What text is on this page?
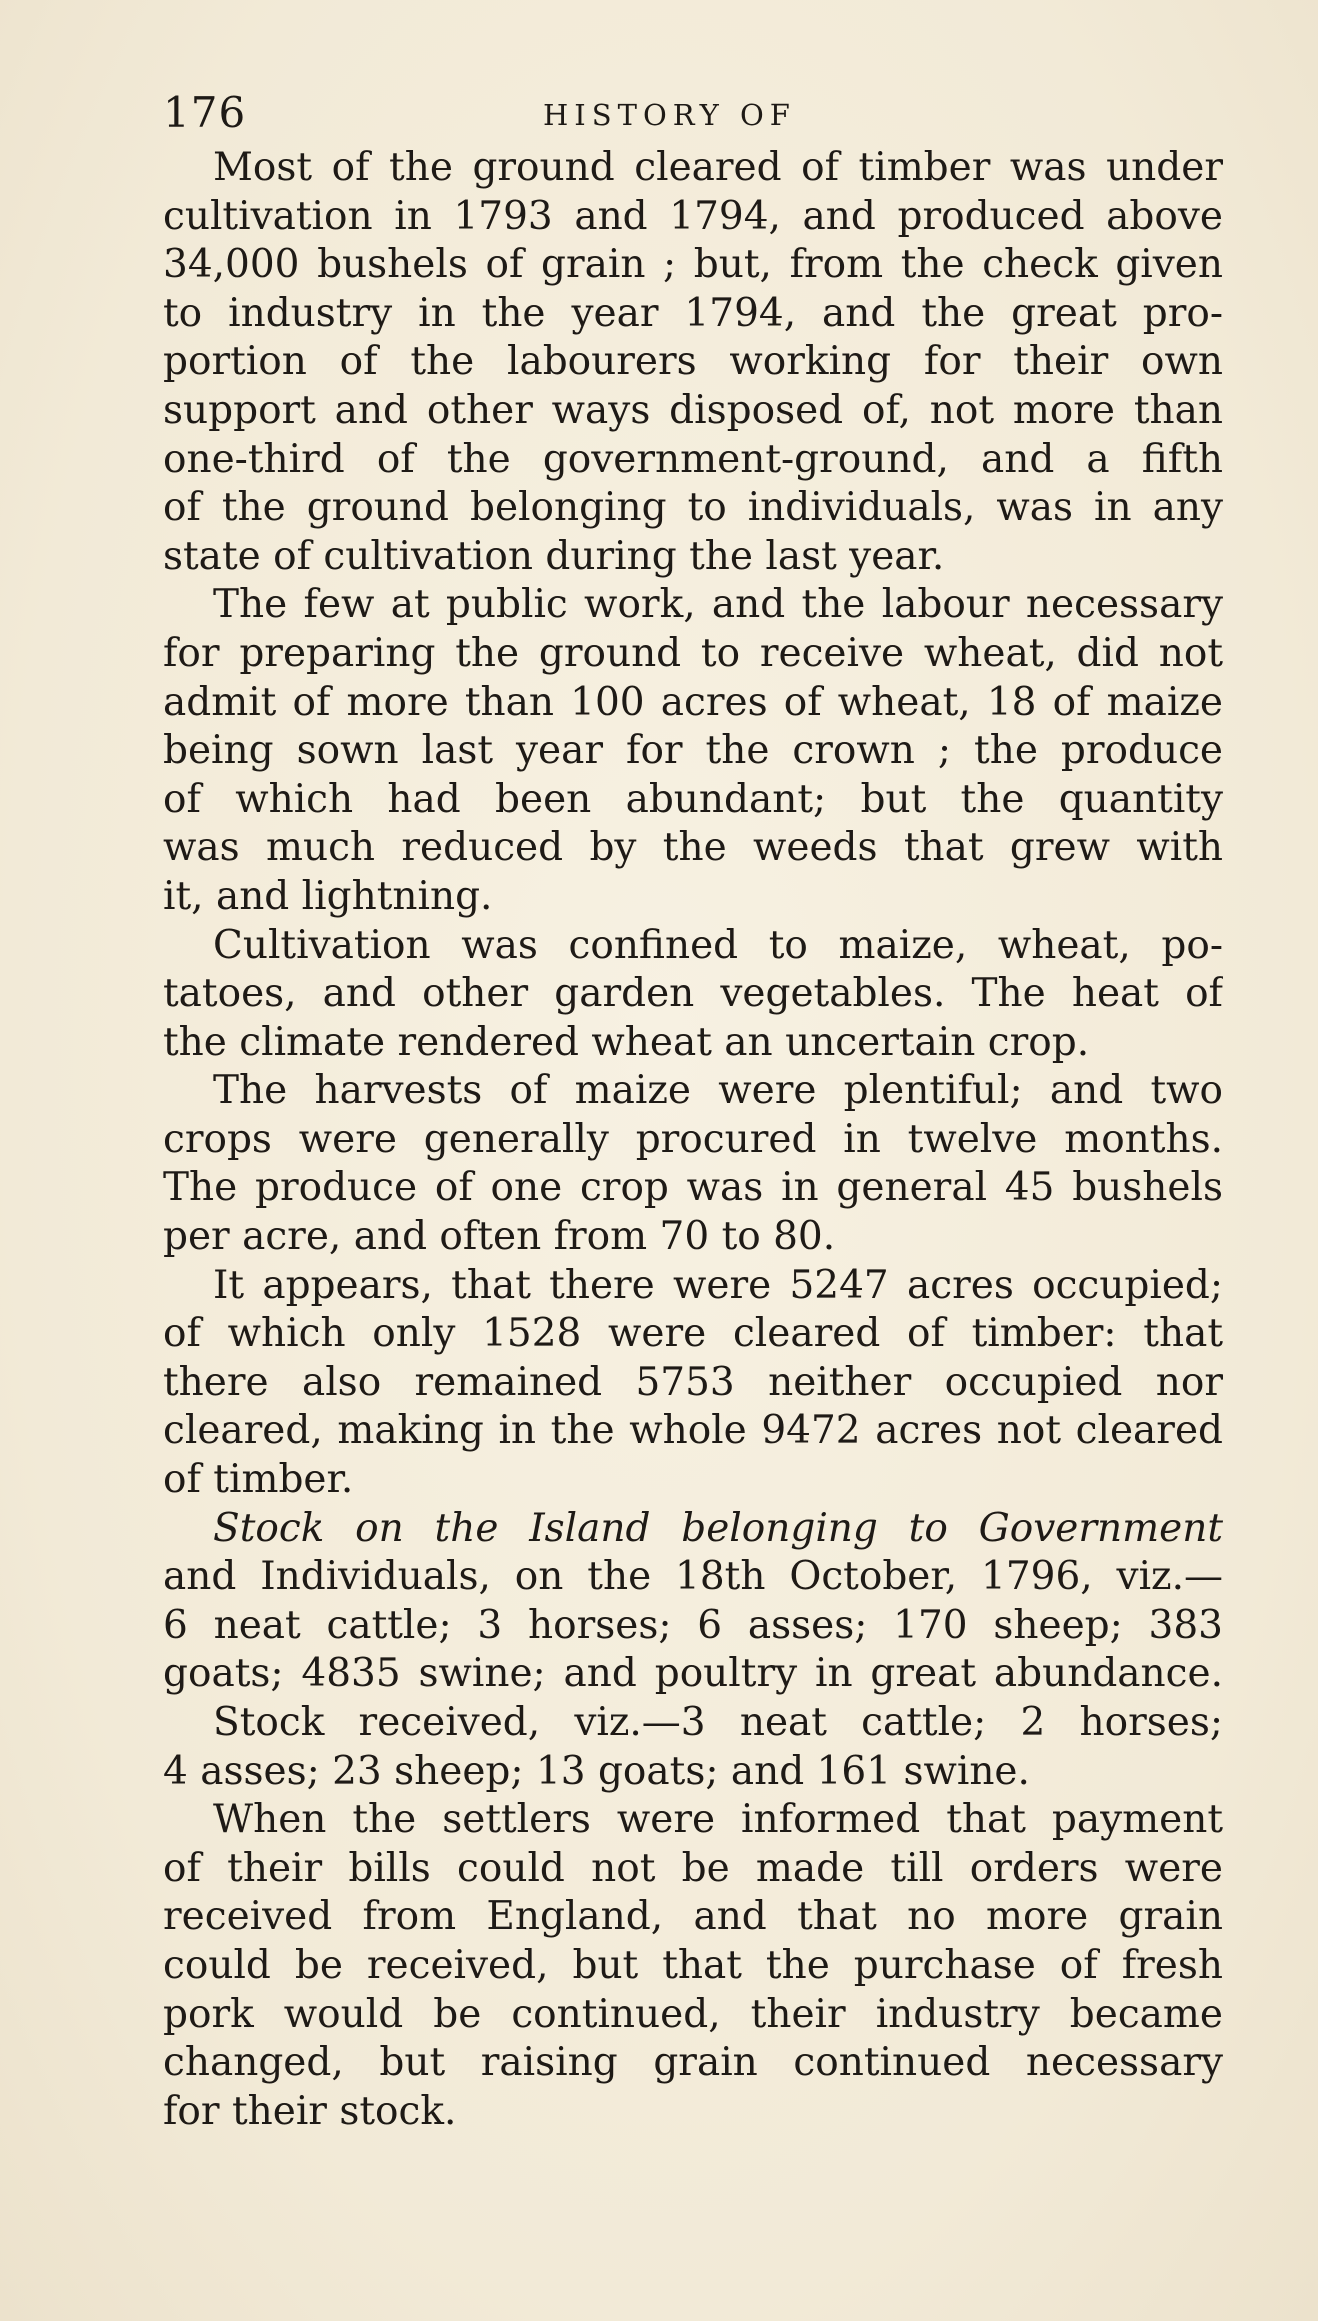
176	HISTORY OF
Most of the ground cleared of timber was under
cultivation in 1793 and 1794, and produced above
34,000 bushels of grain ; but, from the check given
to industry in the year 1794, and the great pro-
portion of the labourers working for their own
support and other ways disposed of, not more than
one-third of the government-ground, and a fifth
of the ground belonging to individuals, was in any
state of cultivation during the last year.
The few at public work, and the labour necessary
for preparing the ground to receive wheat, did not
admit of more than 100 acres of wheat, 18 of maize
being sown last year for the crown ; the produce
of which had been abundant; but the quantity
was much reduced by the weeds that grew with
it, and lightning.
Cultivation was confined to maize, wheat, po-
tatoes, and other garden vegetables. The heat of
the climate rendered wheat an uncertain crop.
The harvests of maize were plentiful; and two
crops were generally procured in twelve months.
The produce of one crop was in general 45 bushels
per acre, and often from 70 to 80.
It appears, that there were 5247 acres occupied;
of which only 1528 were cleared of timber: that
there also remained 5753 neither occupied nor
cleared, making in the whole 9472 acres not cleared
of timber.
Stock on the Island belonging to Government
and Individuals, on the 18th October, 1796, viz.—
6 neat cattle; 3 horses; 6 asses; 170 sheep; 383
goats; 4835 swine; and poultry in great abundance.
Stock received, viz.—3 neat cattle; 2 horses;
4 asses; 23 sheep; 13 goats; and 161 swine.
When the settlers were informed that payment
of their bills could not be made till orders were
received from England, and that no more grain
could be received, but that the purchase of fresh
pork would be continued, their industry became
changed, but raising grain continued necessary
for their stock.
